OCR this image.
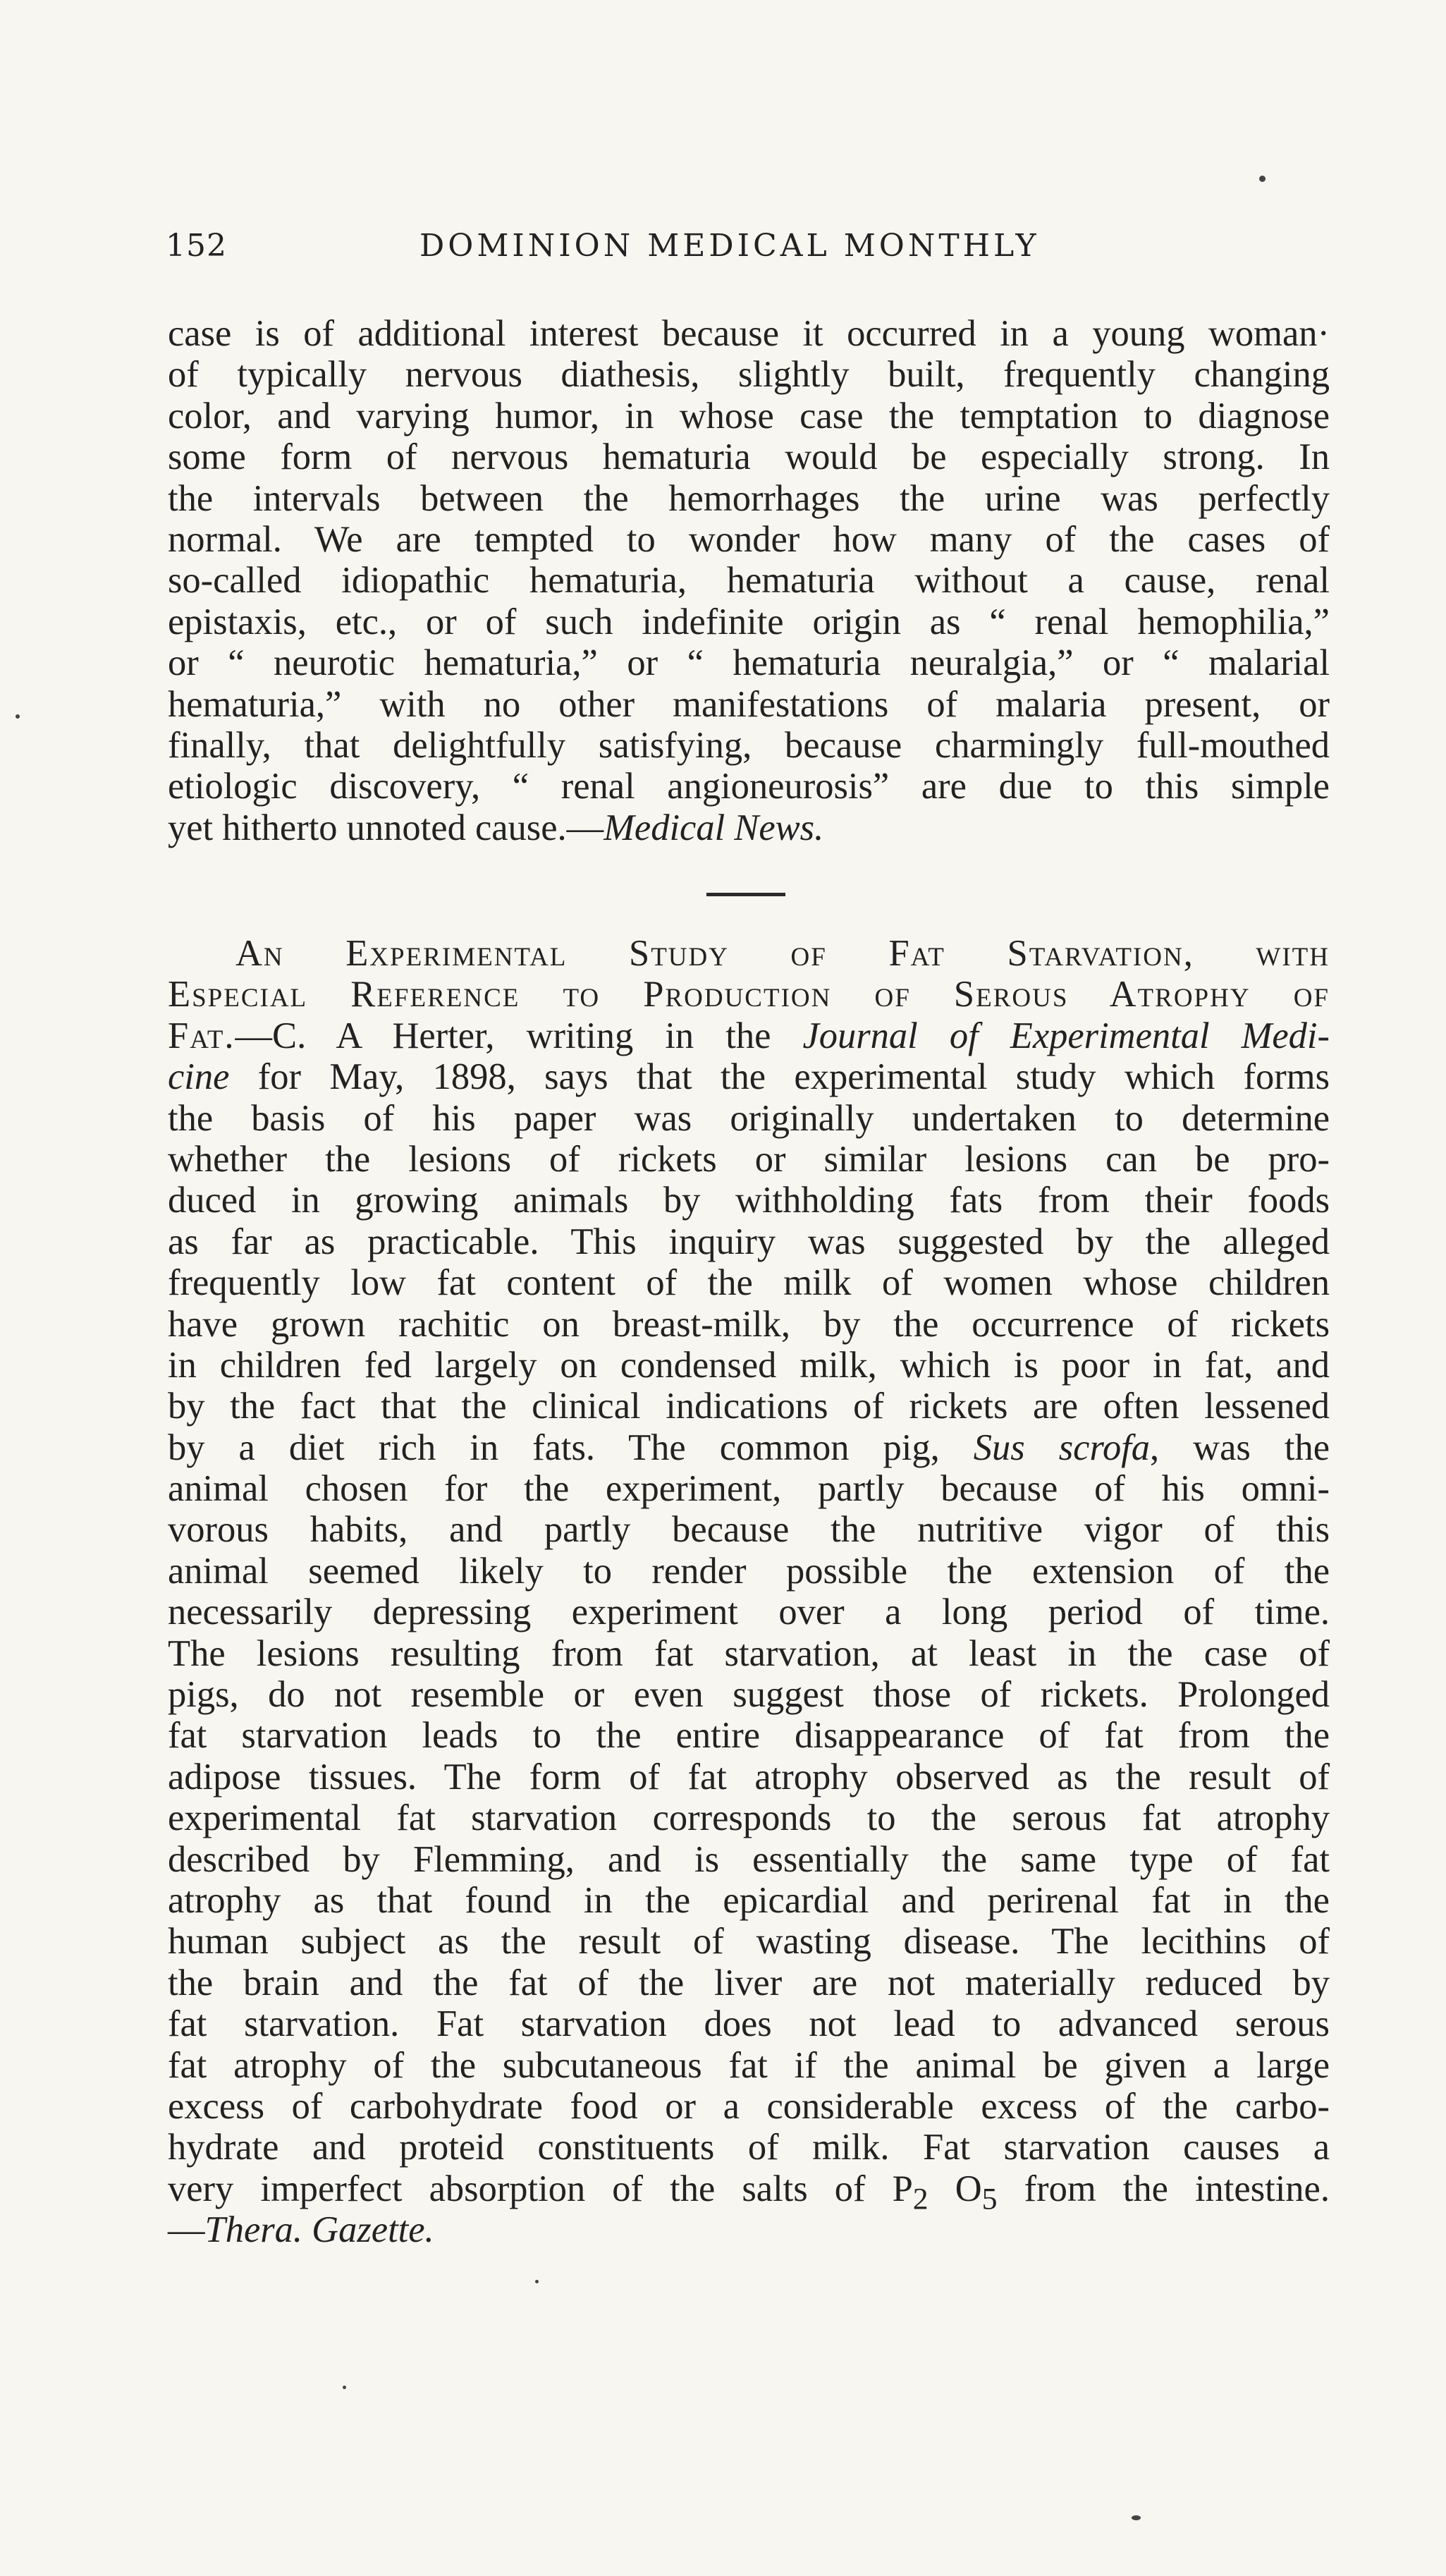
152	DOMINION MEDICAL MONTHLY
case is of additional interest because it occurred in a young woman·
of typically nervous diathesis, slightly built, frequently changing
color, and varying humor, in whose case the temptation to diagnose
some form of nervous hematuria would be especially strong. In
the intervals between the hemorrhages the urine was perfectly
normal. We are tempted to wonder how many of the cases of
so-called idiopathic hematuria, hematuria without a cause, renal
epistaxis, etc., or of such indefinite origin as “ renal hemophilia,”
or “ neurotic hematuria,” or “ hematuria neuralgia,” or “ malarial
hematuria,” with no other manifestations of malaria present, or
finally, that delightfully satisfying, because charmingly full-mouthed
etiologic discovery, “ renal angioneurosis” are due to this simple
yet hitherto unnoted cause.—Medical News.
An Experimental Study of Fat Starvation, with
Especial Reference to Production of Serous Atrophy of
Fat.—C. A Herter, writing in the Journal of Experimental Medi-
cine for May, 1898, says that the experimental study which forms
the basis of his paper was originally undertaken to determine
whether the lesions of rickets or similar lesions can be pro-
duced in growing animals by withholding fats from their foods
as far as practicable. This inquiry was suggested by the alleged
frequently low fat content of the milk of women whose children
have grown rachitic on breast-milk, by the occurrence of rickets
in children fed largely on condensed milk, which is poor in fat, and
by the fact that the clinical indications of rickets are often lessened
by a diet rich in fats. The common pig, Sus scrofa, was the
animal chosen for the experiment, partly because of his omni-
vorous habits, and partly because the nutritive vigor of this
animal seemed likely to render possible the extension of the
necessarily depressing experiment over a long period of time.
The lesions resulting from fat starvation, at least in the case of
pigs, do not resemble or even suggest those of rickets. Prolonged
fat starvation leads to the entire disappearance of fat from the
adipose tissues. The form of fat atrophy observed as the result of
experimental fat starvation corresponds to the serous fat atrophy
described by Flemming, and is essentially the same type of fat
atrophy as that found in the epicardial and perirenal fat in the
human subject as the result of wasting disease. The lecithins of
the brain and the fat of the liver are not materially reduced by
fat starvation. Fat starvation does not lead to advanced serous
fat atrophy of the subcutaneous fat if the animal be given a large
excess of carbohydrate food or a considerable excess of the carbo-
hydrate and proteid constituents of milk. Fat starvation causes a
very imperfect absorption of the salts of $P_2$ $O_5$ from the intestine.
—Thera. Gazette.
